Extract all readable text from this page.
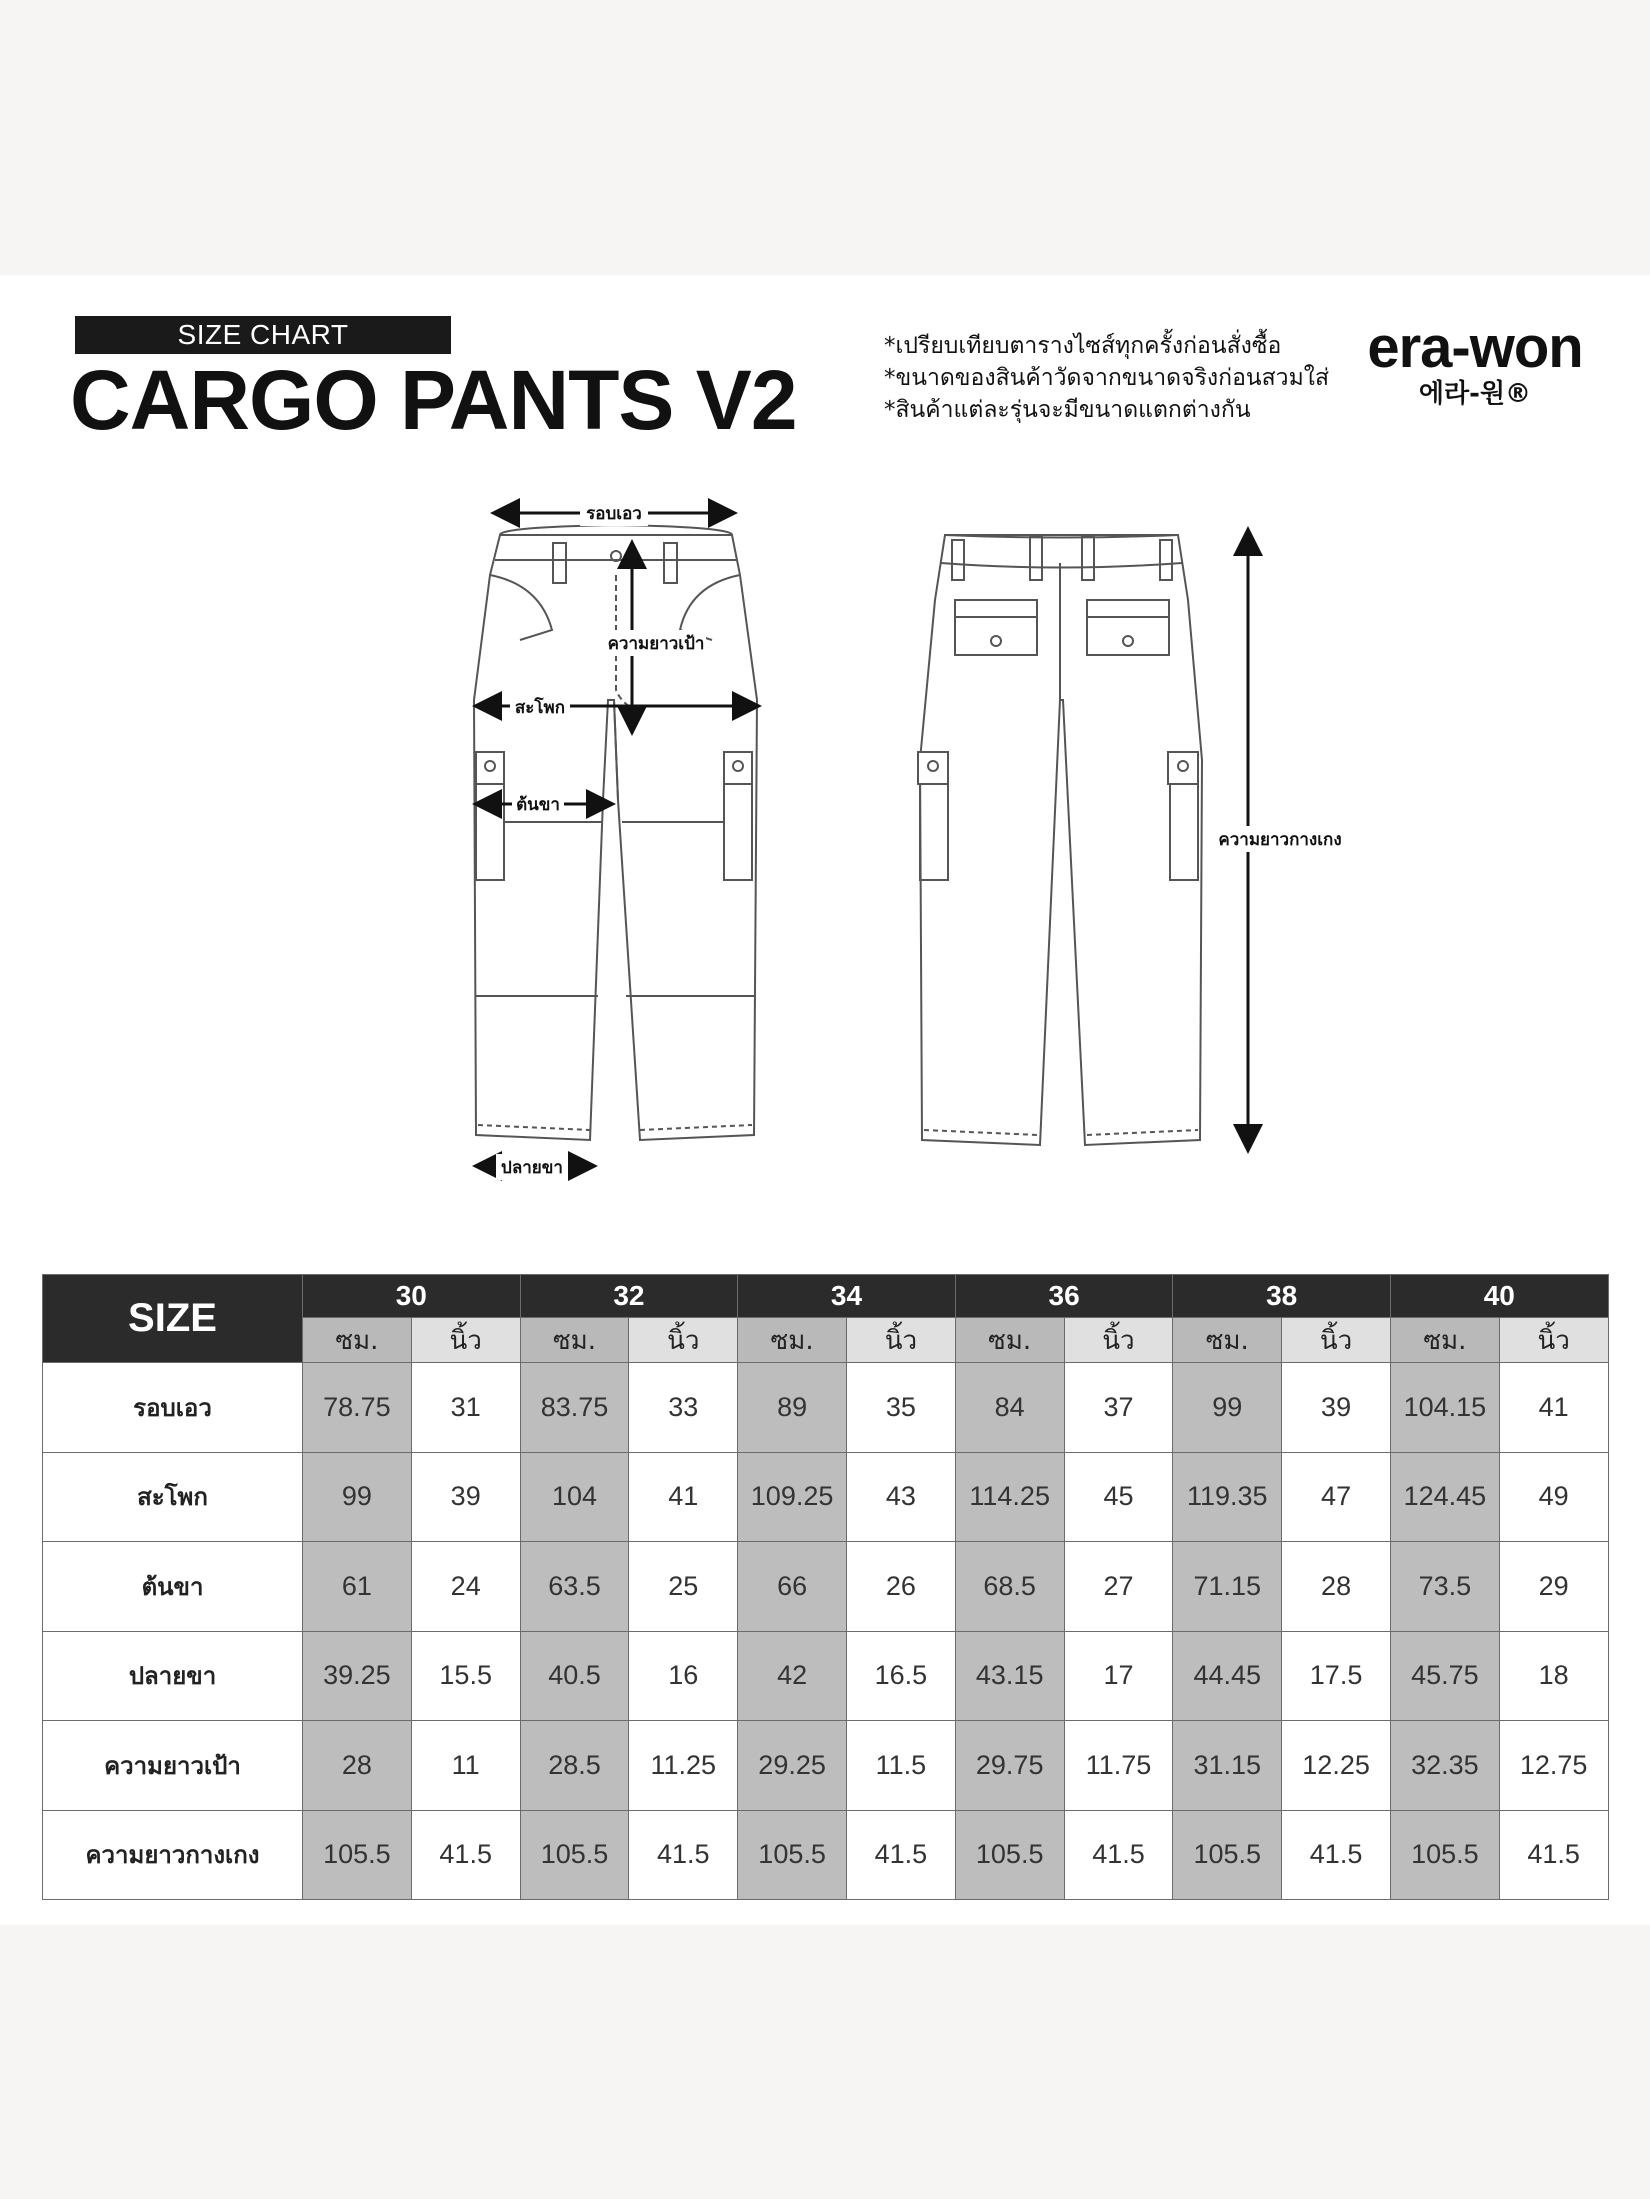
SIZE CHART
CARGO PANTS V2
*เปรียบเทียบตารางไซส์ทุกครั้งก่อนสั่งซื้อ
*ขนาดของสินค้าวัดจากขนาดจริงก่อนสวมใส่
*สินค้าแต่ละรุ่นจะมีขนาดแตกต่างกัน
era-won
에라-원®
รอบเอว
ความยาวเป้า
สะโพก
ต้นขา
ปลายขา
ความยาวกางเกง
SIZE	30		32		34		36		38		40	
	ซม.	นิ้ว	ซม.	นิ้ว	ซม.	นิ้ว	ซม.	นิ้ว	ซม.	นิ้ว	ซม.	นิ้ว
รอบเอว	78.75	31	83.75	33	89	35	84	37	99	39	104.15	41
สะโพก	99	39	104	41	109.25	43	114.25	45	119.35	47	124.45	49
ต้นขา	61	24	63.5	25	66	26	68.5	27	71.15	28	73.5	29
ปลายขา	39.25	15.5	40.5	16	42	16.5	43.15	17	44.45	17.5	45.75	18
ความยาวเป้า	28	11	28.5	11.25	29.25	11.5	29.75	11.75	31.15	12.25	32.35	12.75
ความยาวกางเกง	105.5	41.5	105.5	41.5	105.5	41.5	105.5	41.5	105.5	41.5	105.5	41.5
